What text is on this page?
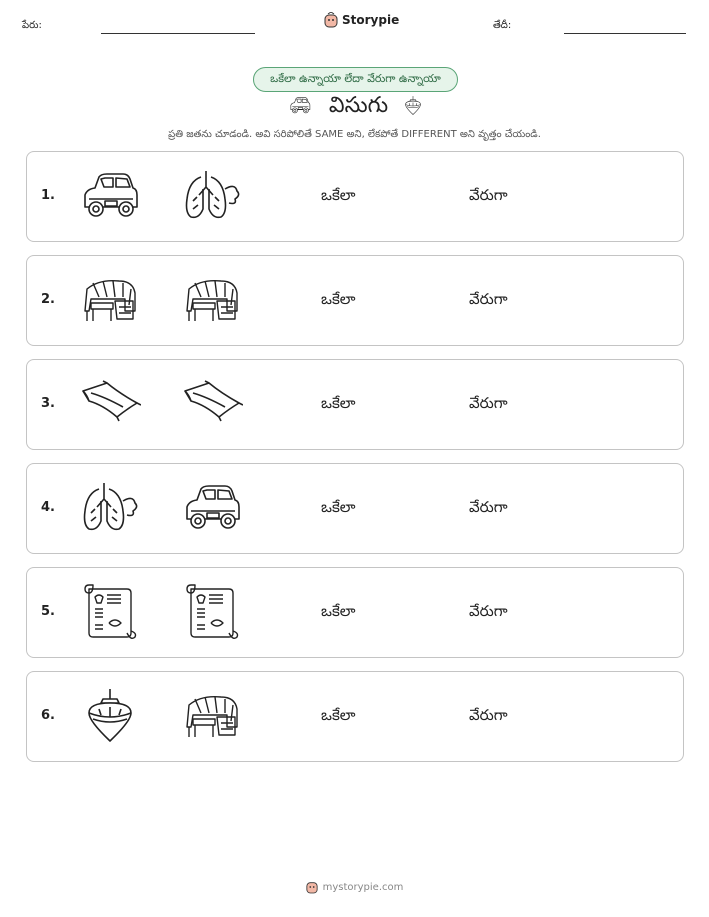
పేరు:	Storypie	తేదీ:
ఒకేలా ఉన్నాయా లేదా వేరుగా ఉన్నాయా
విసుగు
ప్రతి జతను చూడండి. అవి సరిపోలితే SAME అని, లేకపోతే DIFFERENT అని వృత్తం చేయండి.
1.	ఒకేలా	వేరుగా
2.	ఒకేలా	వేరుగా
3.	ఒకేలా	వేరుగా
4.	ఒకేలా	వేరుగా
5.	ఒకేలా	వేరుగా
6.	ఒకేలా	వేరుగా
mystorypie.com
